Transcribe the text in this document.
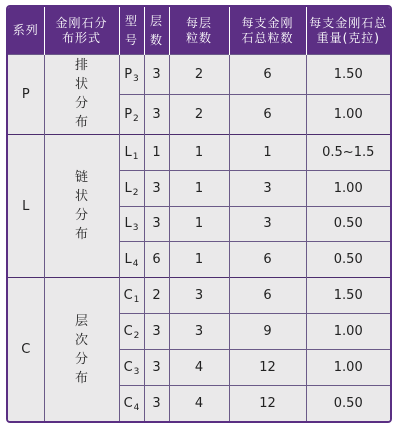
系列	金刚石分布形式	型号	层数	每层粒数	每支金刚石总粒数	每支金刚石总重量(克拉)
P	排状分布	$P_3$	3	2	6	1.50
		$P_2$	3	2	6	1.00
L	链状分布	$L_1$	1	1	1	0.5~1.5
		$L_2$	3	1	3	1.00
		$L_3$	3	1	3	0.50
		$L_4$	6	1	6	0.50
C	层次分布	$C_1$	2	3	6	1.50
		$C_2$	3	3	9	1.00
		$C_3$	3	4	12	1.00
		$C_4$	3	4	12	0.50
